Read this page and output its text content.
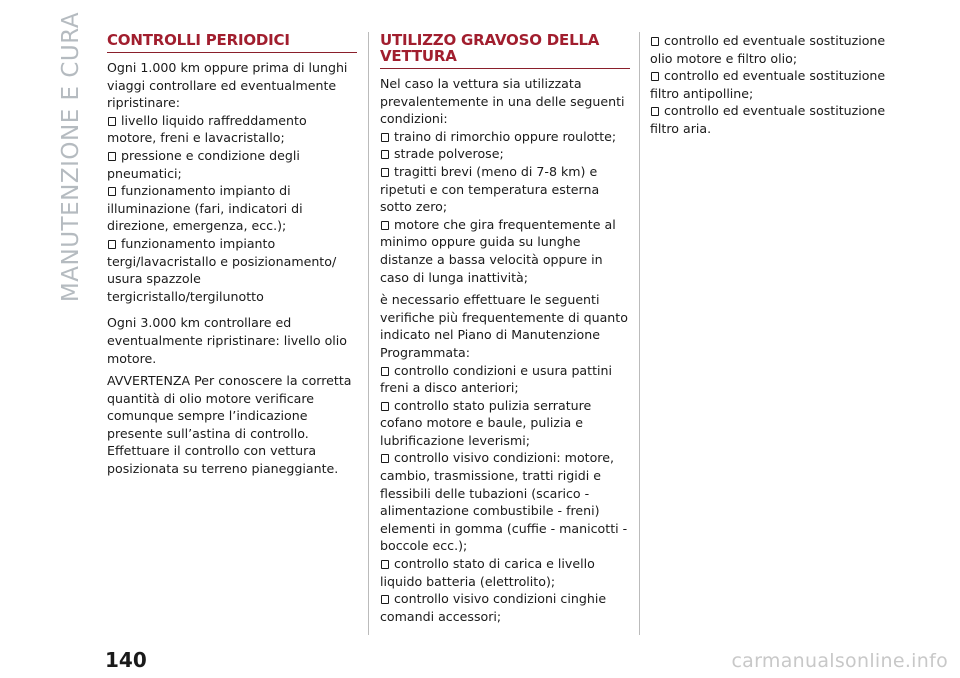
MANUTENZIONE E CURA CONTROLLI PERIODICI

Ogni 1.000 km oppure prima di lunghi viaggi controllare ed eventualmente ripristinare:

livello liquido raffreddamento motore, freni e lavacristallo;

pressione e condizione degli pneumatici;

funzionamento impianto di illuminazione (fari, indicatori di direzione, emergenza, ecc.);

funzionamento impianto tergi/lavacristallo e posizionamento/ usura spazzole tergicristallo/tergilunotto

Ogni 3.000 km controllare ed eventualmente ripristinare: livello olio motore.

AVVERTENZA Per conoscere la corretta quantità di olio motore verificare comunque sempre l’indicazione presente sull’astina di controllo. Effettuare il controllo con vettura posizionata su terreno pianeggiante.

UTILIZZO GRAVOSO DELLA VETTURA

Nel caso la vettura sia utilizzata prevalentemente in una delle seguenti condizioni:

traino di rimorchio oppure roulotte;

strade polverose;

tragitti brevi (meno di 7-8 km) e ripetuti e con temperatura esterna sotto zero;

motore che gira frequentemente al minimo oppure guida su lunghe distanze a bassa velocità oppure in caso di lunga inattività;

è necessario effettuare le seguenti verifiche più frequentemente di quanto indicato nel Piano di Manutenzione Programmata:

controllo condizioni e usura pattini freni a disco anteriori;

controllo stato pulizia serrature cofano motore e baule, pulizia e lubrificazione leverismi;

controllo visivo condizioni: motore, cambio, trasmissione, tratti rigidi e flessibili delle tubazioni (scarico - alimentazione combustibile - freni) elementi in gomma (cuffie - manicotti - boccole ecc.);

controllo stato di carica e livello liquido batteria (elettrolito);

controllo visivo condizioni cinghie comandi accessori;

controllo ed eventuale sostituzione olio motore e filtro olio;

controllo ed eventuale sostituzione filtro antipolline;

controllo ed eventuale sostituzione filtro aria.

140	carmanualsonline.info
